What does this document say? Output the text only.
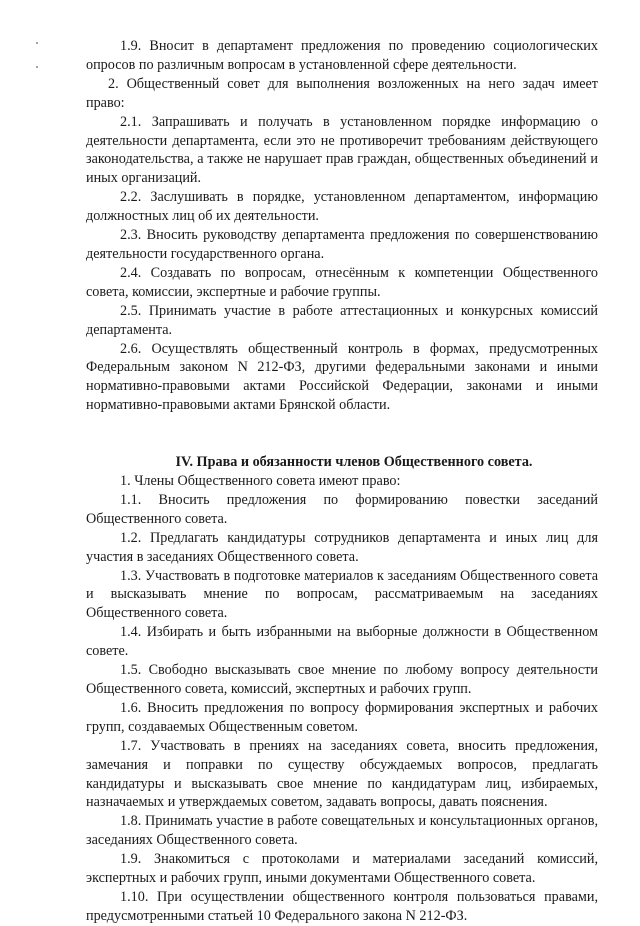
1.9. Вносит в департамент предложения по проведению социологических опросов по различным вопросам в установленной сфере деятельности.

2. Общественный совет для выполнения возложенных на него задач имеет право:

2.1. Запрашивать и получать в установленном порядке информацию о деятельности департамента, если это не противоречит требованиям действующего законодательства, а также не нарушает прав граждан, общественных объединений и иных организаций.

2.2. Заслушивать в порядке, установленном департаментом, информацию должностных лиц об их деятельности.

2.3. Вносить руководству департамента предложения по совершенствованию деятельности государственного органа.

2.4. Создавать по вопросам, отнесённым к компетенции Общественного совета, комиссии, экспертные и рабочие группы.

2.5. Принимать участие в работе аттестационных и конкурсных комиссий департамента.

2.6. Осуществлять общественный контроль в формах, предусмотренных Федеральным законом N 212-ФЗ, другими федеральными законами и иными нормативно-правовыми актами Российской Федерации, законами и иными нормативно-правовыми актами Брянской области.

IV. Права и обязанности членов Общественного совета.

1. Члены Общественного совета имеют право:

1.1. Вносить предложения по формированию повестки заседаний Общественного совета.

1.2. Предлагать кандидатуры сотрудников департамента и иных лиц для участия в заседаниях Общественного совета.

1.3. Участвовать в подготовке материалов к заседаниям Общественного совета и высказывать мнение по вопросам, рассматриваемым на заседаниях Общественного совета.

1.4. Избирать и быть избранными на выборные должности в Общественном совете.

1.5. Свободно высказывать свое мнение по любому вопросу деятельности Общественного совета, комиссий, экспертных и рабочих групп.

1.6. Вносить предложения по вопросу формирования экспертных и рабочих групп, создаваемых Общественным советом.

1.7. Участвовать в прениях на заседаниях совета, вносить предложения, замечания и поправки по существу обсуждаемых вопросов, предлагать кандидатуры и высказывать свое мнение по кандидатурам лиц, избираемых, назначаемых и утверждаемых советом, задавать вопросы, давать пояснения.

1.8. Принимать участие в работе совещательных и консультационных органов, заседаниях Общественного совета.

1.9. Знакомиться с протоколами и материалами заседаний комиссий, экспертных и рабочих групп, иными документами Общественного совета.

1.10. При осуществлении общественного контроля пользоваться правами, предусмотренными статьей 10 Федерального закона N 212-ФЗ.
